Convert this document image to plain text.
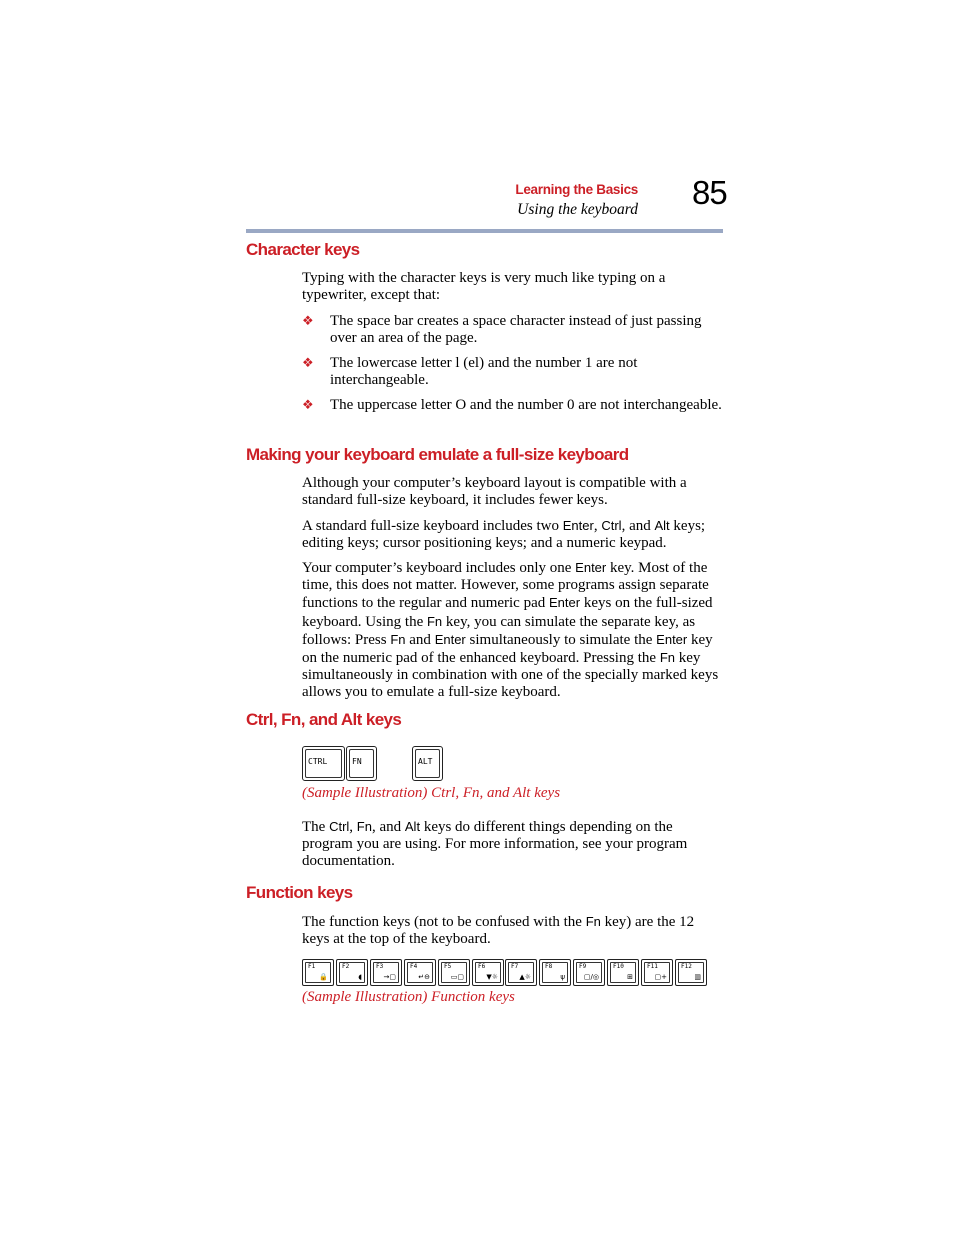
Learning the Basics
Using the keyboard 85
Character keys

Typing with the character keys is very much like typing on a typewriter, except that:

❖ The space bar creates a space character instead of just passing over an area of the page.

❖ The lowercase letter l (el) and the number 1 are not interchangeable.

❖ The uppercase letter O and the number 0 are not interchangeable.

Making your keyboard emulate a full-size keyboard

Although your computer’s keyboard layout is compatible with a standard full-size keyboard, it includes fewer keys.

A standard full-size keyboard includes two Enter, Ctrl, and Alt keys; editing keys; cursor positioning keys; and a numeric keypad.

Your computer’s keyboard includes only one Enter key. Most of the time, this does not matter. However, some programs assign separate functions to the regular and numeric pad Enter keys on the full-sized keyboard. Using the Fn key, you can simulate the separate key, as follows: Press Fn and Enter simultaneously to simulate the Enter key on the numeric pad of the enhanced keyboard. Pressing the Fn key simultaneously in combination with one of the specially marked keys allows you to emulate a full-size keyboard.

Ctrl, Fn, and Alt keys
CTRL	FN	ALT
(Sample Illustration) Ctrl, Fn, and Alt keys

The Ctrl, Fn, and Alt keys do different things depending on the program you are using. For more information, see your program documentation.

Function keys

The function keys (not to be confused with the Fn key) are the 12 keys at the top of the keyboard.

F1
🔒
F2
◖
F3
→▢
F4
↵⊖
F5
▭▢
F6
▼☼
F7
▲☼
F8
ψ
F9
▢/◎
F10
⊞
F11
▢+
F12
▥
(Sample Illustration) Function keys
